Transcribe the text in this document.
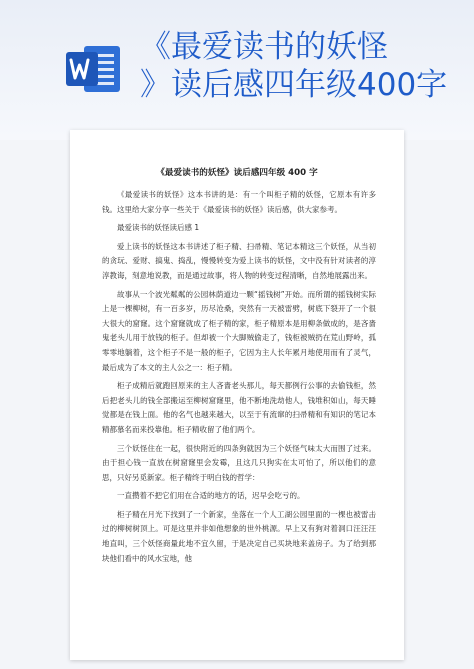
《最爱读书的妖怪
》读后感四年级400字
《最爱读书的妖怪》读后感四年级 400 字

《最爱读书的妖怪》这本书讲的是：有一个叫柜子精的妖怪，它原本有许多钱。这里给大家分享一些关于《最爱读书的妖怪》读后感，供大家参考。

最爱读书的妖怪读后感 1

爱上读书的妖怪这本书讲述了柜子精、扫帚精、笔记本精这三个妖怪，从当初的贪玩、爱财、搞鬼、捣乱，慢慢转变为爱上读书的妖怪，文中没有针对读者的淳淳教诲，刻意地说教，而是通过故事，将人物的转变过程清晰，自然地展露出来。

故事从一个波光粼粼的公园林荫道边一颗“摇钱树”开始。而所谓的摇钱树实际上是一棵柳树，有一百多岁，历尽沧桑，突然有一天被雷劈，树底下裂开了一个很大很大的窟窿。这个窟窿就成了柜子精的家，柜子精原本是用柳条做成的，是吝嗇鬼老头儿用于放钱的柜子。但却被一个大脚贼偷走了，钱柜被贼扔在荒山野岭，孤零零地躺着，这个柜子不是一般的柜子，它因为主人长年累月地使用而有了灵气，最后成为了本文的主人公之一：柜子精。

柜子成精后就跑回原来的主人吝嗇老头那儿，每天都例行公事的去偷钱柜，然后把老头儿的钱全部搬运至柳树窟窿里，他不断地洗劫他人，钱堆积如山，每天睡觉都是在钱上面。他的名气也越来越大，以至于有流窜的扫帚精和有知识的笔记本精都慕名而来投靠他。柜子精收留了他们两个。

三个妖怪住在一起，很快附近的四条狗就因为三个妖怪气味太大而围了过来。由于担心钱一直放在树窟窿里会发霉，且这几只狗实在太可怕了，所以他们的意思，只好另觅新家。柜子精终于明白钱的哲学：

一直攒着不把它们用在合适的地方的话，迟早会吃亏的。

柜子精在月光下找到了一个新家，坐落在一个人工湖公园里面的一棵也被雷击过的柳树树顶上。可是这里并非如他想象的世外桃源。早上又有狗对着洞口汪汪汪地直叫，三个妖怪商量此地不宜久留，于是决定自己买块地来盖房子。为了给到那块他们看中的风水宝地，他
